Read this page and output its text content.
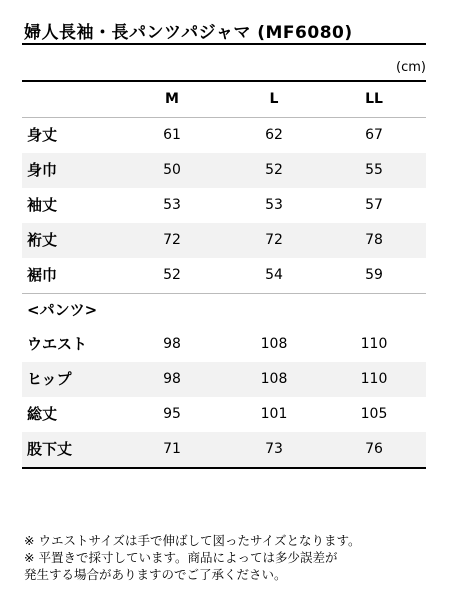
婦人長袖・長パンツパジャマ (MF6080)
(cm)
M	L	LL
身丈	61	62	67
身巾	50	52	55
袖丈	53	53	57
裄丈	72	72	78
裾巾	52	54	59
<パンツ>
ウエスト	98	108	110
ヒップ	98	108	110
総丈	95	101	105
股下丈	71	73	76
※ ウエストサイズは手で伸ばして図ったサイズとなります。
※ 平置きで採寸しています。商品によっては多少誤差が
発生する場合がありますのでご了承ください。
